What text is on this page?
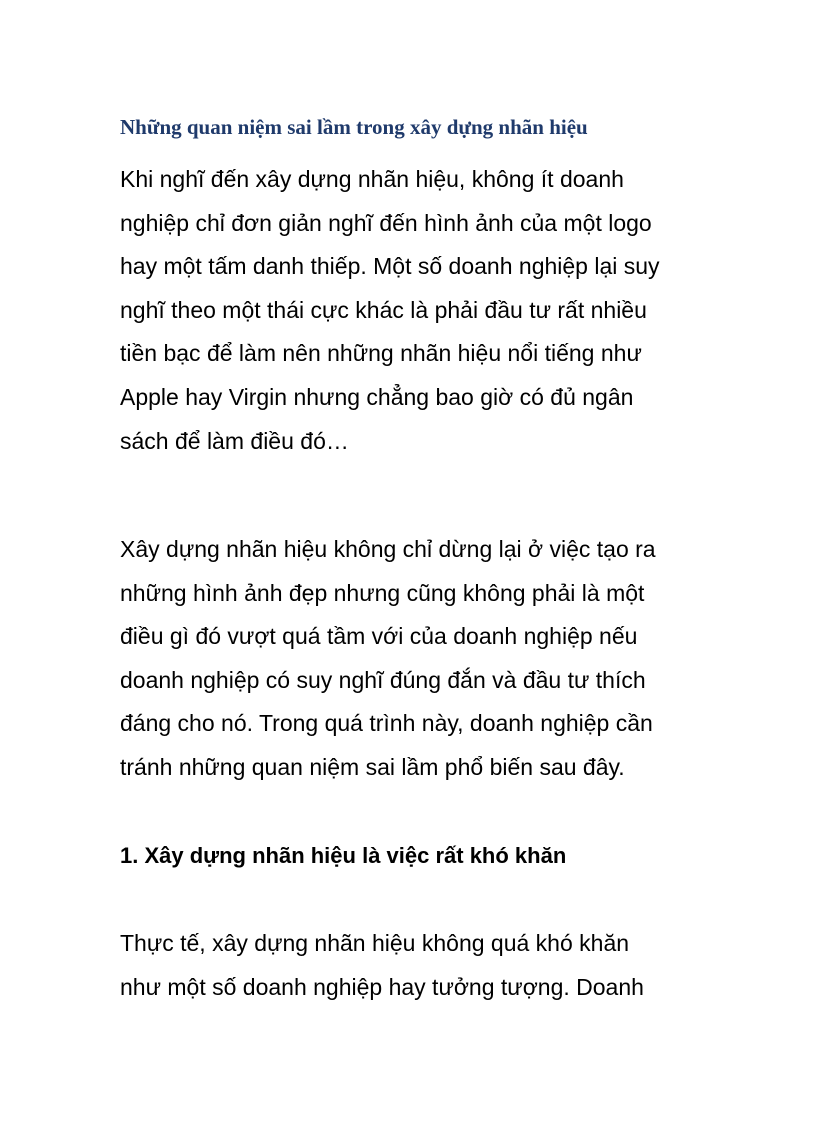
Những quan niệm sai lầm trong xây dựng nhãn hiệu

Khi nghĩ đến xây dựng nhãn hiệu, không ít doanh
nghiệp chỉ đơn giản nghĩ đến hình ảnh của một logo
hay một tấm danh thiếp. Một số doanh nghiệp lại suy
nghĩ theo một thái cực khác là phải đầu tư rất nhiều
tiền bạc để làm nên những nhãn hiệu nổi tiếng như
Apple hay Virgin nhưng chẳng bao giờ có đủ ngân
sách để làm điều đó…

Xây dựng nhãn hiệu không chỉ dừng lại ở việc tạo ra
những hình ảnh đẹp nhưng cũng không phải là một
điều gì đó vượt quá tầm với của doanh nghiệp nếu
doanh nghiệp có suy nghĩ đúng đắn và đầu tư thích
đáng cho nó. Trong quá trình này, doanh nghiệp cần
tránh những quan niệm sai lầm phổ biến sau đây.

1. Xây dựng nhãn hiệu là việc rất khó khăn

Thực tế, xây dựng nhãn hiệu không quá khó khăn
như một số doanh nghiệp hay tưởng tượng. Doanh
